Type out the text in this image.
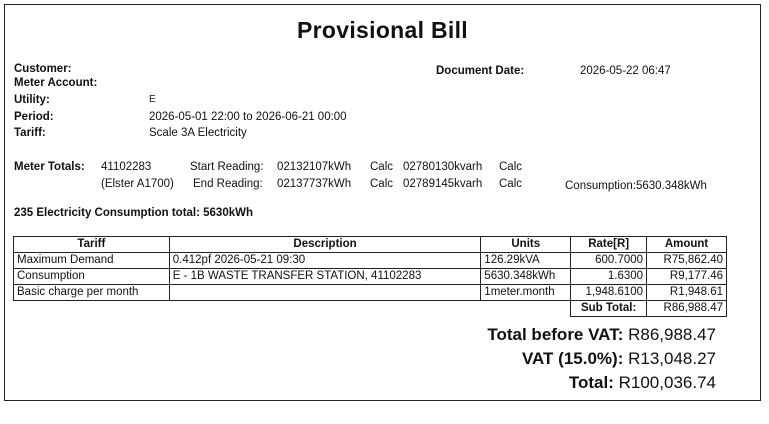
Provisional Bill
Customer:
Meter Account:
Utility:	E
Period:	2026-05-01 22:00 to 2026-06-21 00:00
Tariff:	Scale 3A Electricity
Document Date:	2026-05-22 06:47
Meter Totals: 41102283
(Elster A1700)
Start Reading: 02132107kWh Calc 02780130kvarh Calc
End Reading: 02137737kWh Calc 02789145kvarh Calc	Consumption:5630.348kWh
235 Electricity Consumption total: 5630kWh
Tariff	Description	Units	Rate[R]	Amount
Maximum Demand	0.412pf 2026-05-21 09:30	126.29kVA	600.7000	R75,862.40
Consumption	E - 1B WASTE TRANSFER STATION, 41102283	5630.348kWh	1.6300	R9,177.46
Basic charge per month		1meter.month	1,948.6100	R1,948.61
			Sub Total:	R86,988.47
Total before VAT: R86,988.47
VAT (15.0%): R13,048.27
Total: R100,036.74
